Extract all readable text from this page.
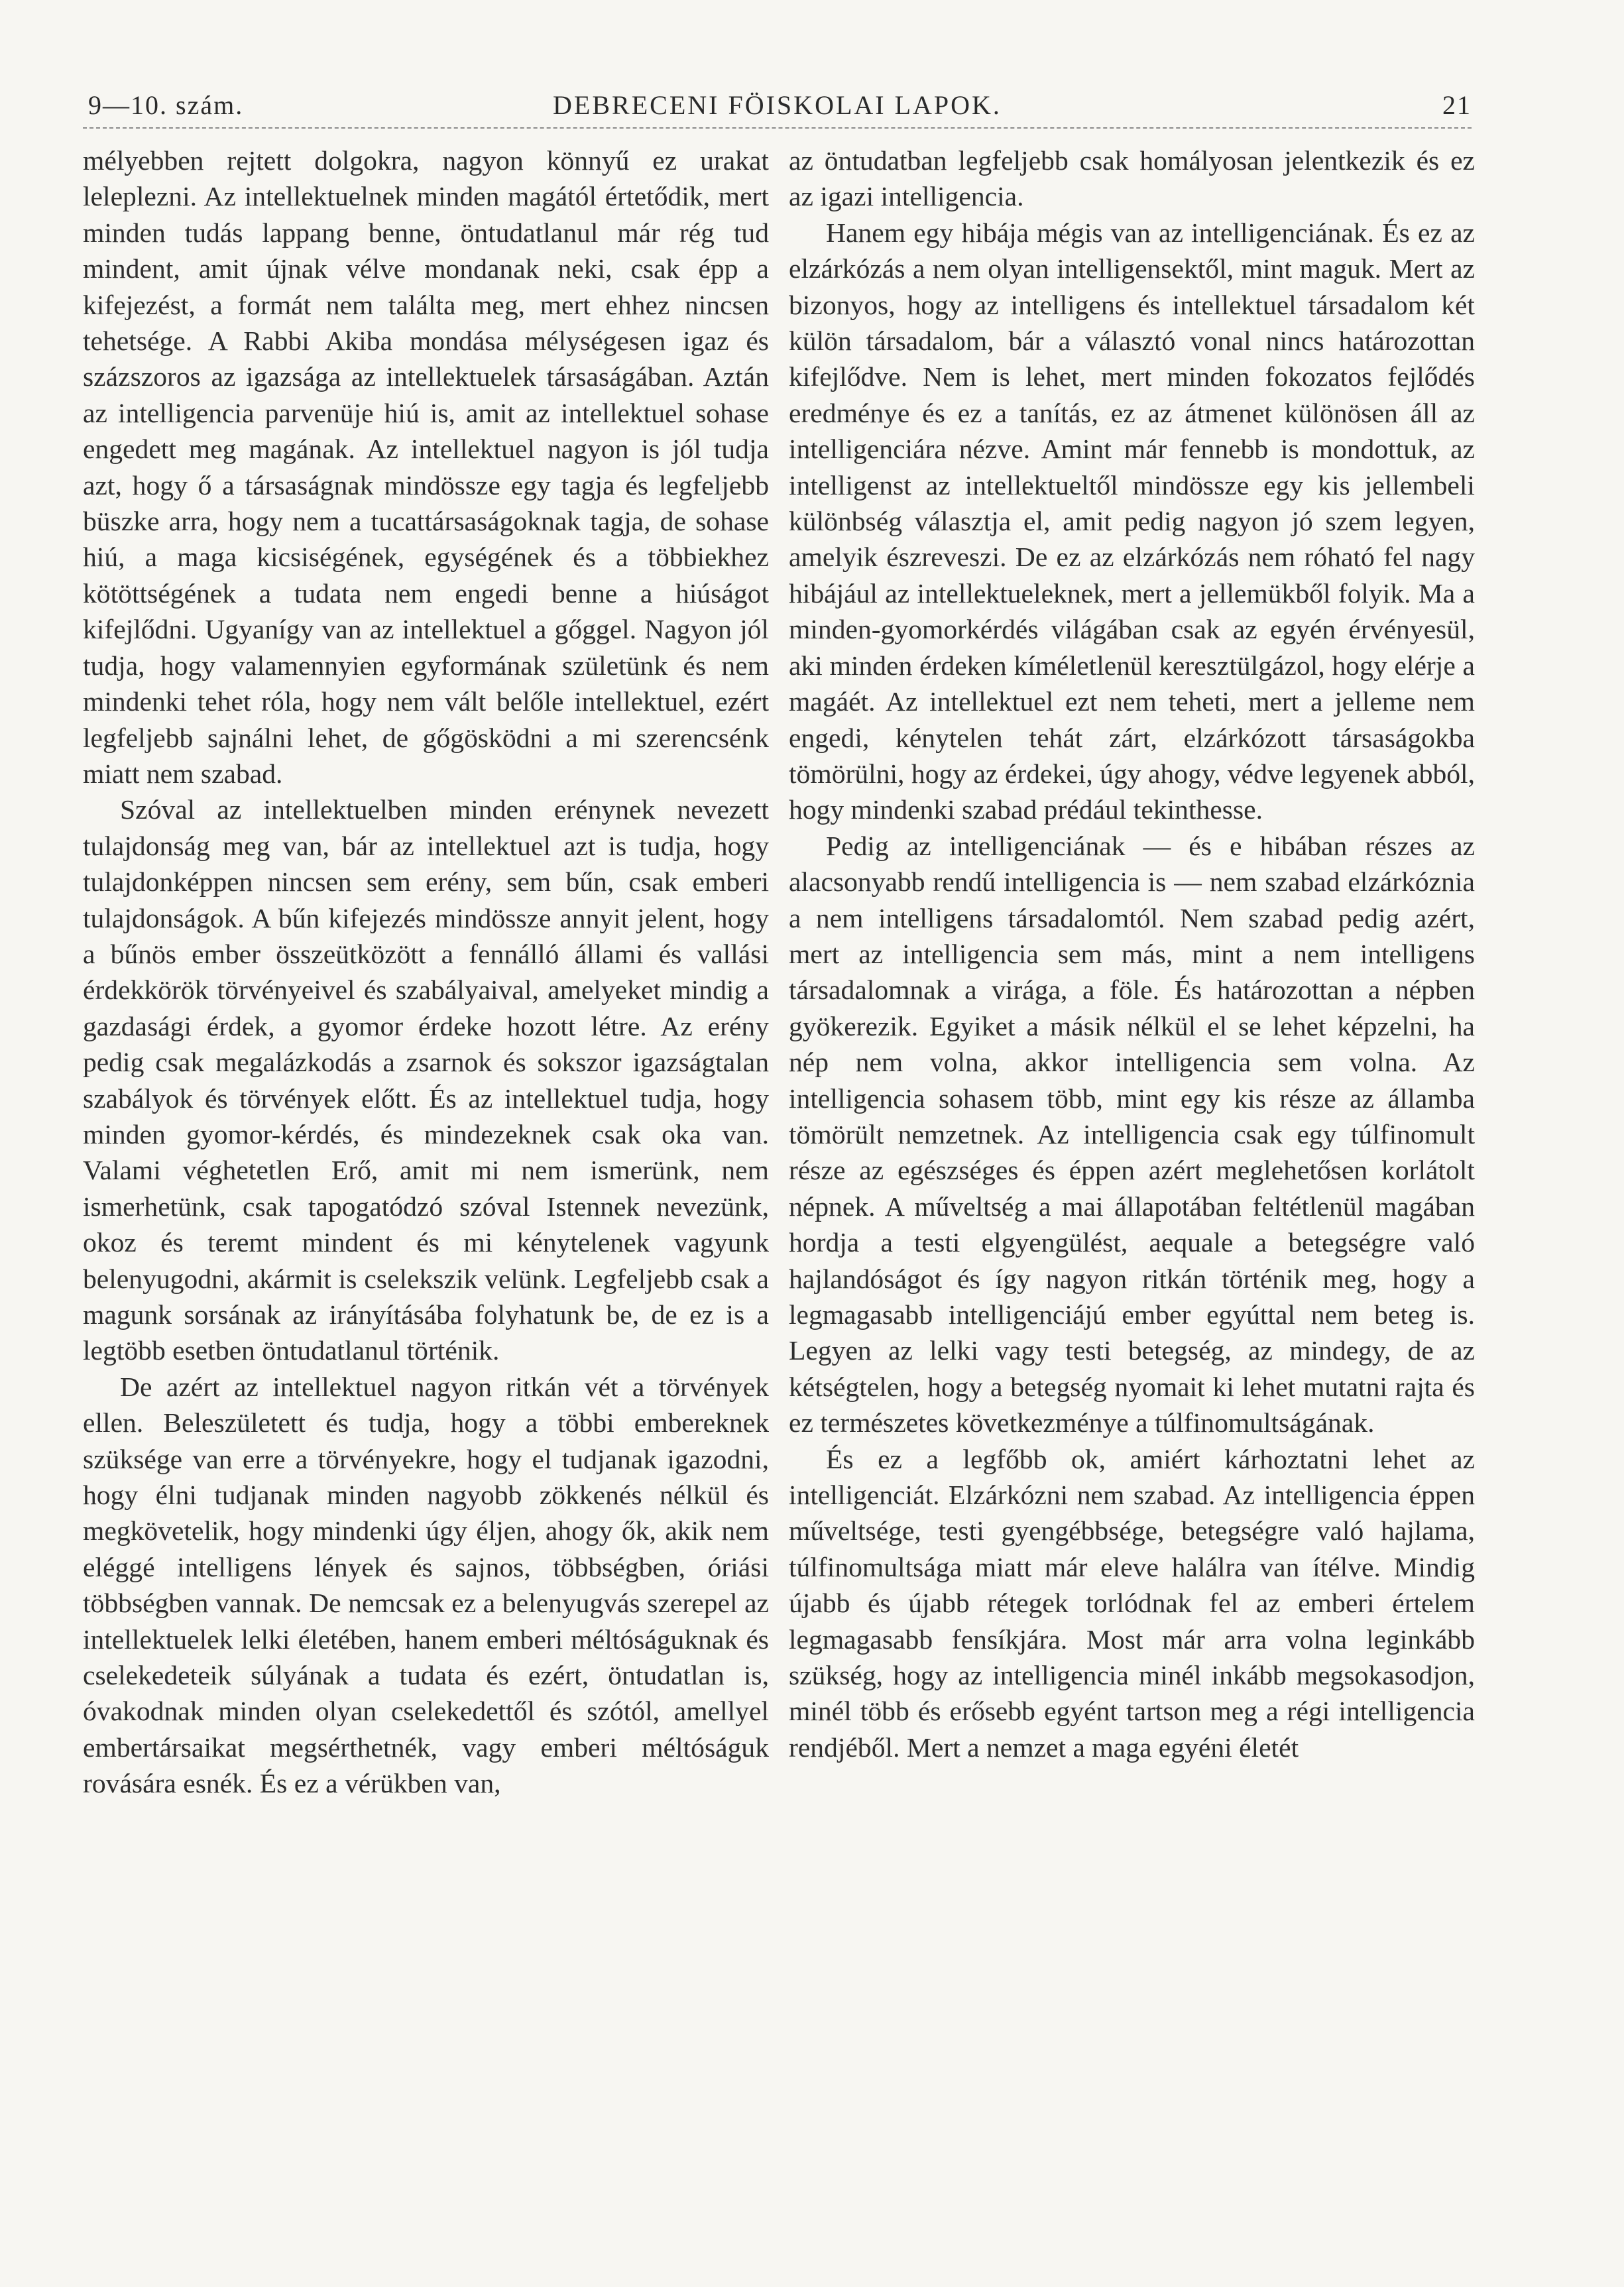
9—10. szám.	DEBRECENI FÖISKOLAI LAPOK.	21

mélyebben rejtett dolgokra, nagyon könnyű ez urakat leleplezni. Az intellektuelnek minden magától értetődik, mert minden tudás lappang benne, öntudatlanul már rég tud mindent, amit újnak vélve mondanak neki, csak épp a kifejezést, a formát nem találta meg, mert ehhez nincsen tehetsége. A Rabbi Akiba mondása mélységesen igaz és százszoros az igazsága az intellektuelek társaságában. Aztán az intelligencia parvenüje hiú is, amit az intellektuel sohase engedett meg magának. Az intellektuel nagyon is jól tudja azt, hogy ő a társaságnak mindössze egy tagja és legfeljebb büszke arra, hogy nem a tucattársaságoknak tagja, de sohase hiú, a maga kicsiségének, egységének és a többiekhez kötöttségének a tudata nem engedi benne a hiúságot kifejlődni. Ugyanígy van az intellektuel a gőggel. Nagyon jól tudja, hogy valamennyien egyformának születünk és nem mindenki tehet róla, hogy nem vált belőle intellektuel, ezért legfeljebb sajnálni lehet, de gőgösködni a mi szerencsénk miatt nem szabad.

Szóval az intellektuelben minden erénynek nevezett tulajdonság meg van, bár az intellektuel azt is tudja, hogy tulajdonképpen nincsen sem erény, sem bűn, csak emberi tulajdonságok. A bűn kifejezés mindössze annyit jelent, hogy a bűnös ember összeütközött a fennálló állami és vallási érdekkörök törvényeivel és szabályaival, amelyeket mindig a gazdasági érdek, a gyomor érdeke hozott létre. Az erény pedig csak megalázkodás a zsarnok és sokszor igazságtalan szabályok és törvények előtt. És az intellektuel tudja, hogy minden gyomor-kérdés, és mindezeknek csak oka van. Valami véghetetlen Erő, amit mi nem ismerünk, nem ismerhetünk, csak tapogatódzó szóval Istennek nevezünk, okoz és teremt mindent és mi kénytelenek vagyunk belenyugodni, akármit is cselekszik velünk. Legfeljebb csak a magunk sorsának az irányításába folyhatunk be, de ez is a legtöbb esetben öntudatlanul történik.

De azért az intellektuel nagyon ritkán vét a törvények ellen. Beleszületett és tudja, hogy a többi embereknek szüksége van erre a törvényekre, hogy el tudjanak igazodni, hogy élni tudjanak minden nagyobb zökkenés nélkül és megkövetelik, hogy mindenki úgy éljen, ahogy ők, akik nem eléggé intelligens lények és sajnos, többségben, óriási többségben vannak. De nemcsak ez a belenyugvás szerepel az intellektuelek lelki életében, hanem emberi méltóságuknak és cselekedeteik súlyának a tudata és ezért, öntudatlan is, óvakodnak minden olyan cselekedettől és szótól, amellyel embertársaikat megsérthetnék, vagy emberi méltóságuk rovására esnék. És ez a vérükben van,

az öntudatban legfeljebb csak homályosan jelentkezik és ez az igazi intelligencia.

Hanem egy hibája mégis van az intelligenciának. És ez az elzárkózás a nem olyan intelligensektől, mint maguk. Mert az bizonyos, hogy az intelligens és intellektuel társadalom két külön társadalom, bár a választó vonal nincs határozottan kifejlődve. Nem is lehet, mert minden fokozatos fejlődés eredménye és ez a tanítás, ez az átmenet különösen áll az intelligenciára nézve. Amint már fennebb is mondottuk, az intelligenst az intellektueltől mindössze egy kis jellembeli különbség választja el, amit pedig nagyon jó szem legyen, amelyik észreveszi. De ez az elzárkózás nem róható fel nagy hibájául az intellektueleknek, mert a jellemükből folyik. Ma a minden-gyomorkérdés világában csak az egyén érvényesül, aki minden érdeken kíméletlenül keresztülgázol, hogy elérje a magáét. Az intellektuel ezt nem teheti, mert a jelleme nem engedi, kénytelen tehát zárt, elzárkózott társaságokba tömörülni, hogy az érdekei, úgy ahogy, védve legyenek abból, hogy mindenki szabad prédául tekinthesse.

Pedig az intelligenciának — és e hibában részes az alacsonyabb rendű intelligencia is — nem szabad elzárkóznia a nem intelligens társadalomtól. Nem szabad pedig azért, mert az intelligencia sem más, mint a nem intelligens társadalomnak a virága, a föle. És határozottan a népben gyökerezik. Egyiket a másik nélkül el se lehet képzelni, ha nép nem volna, akkor intelligencia sem volna. Az intelligencia sohasem több, mint egy kis része az államba tömörült nemzetnek. Az intelligencia csak egy túlfinomult része az egészséges és éppen azért meglehetősen korlátolt népnek. A műveltség a mai állapotában feltétlenül magában hordja a testi elgyengülést, aequale a betegségre való hajlandóságot és így nagyon ritkán történik meg, hogy a legmagasabb intelligenciájú ember egyúttal nem beteg is. Legyen az lelki vagy testi betegség, az mindegy, de az kétségtelen, hogy a betegség nyomait ki lehet mutatni rajta és ez természetes következménye a túlfinomultságának.

És ez a legfőbb ok, amiért kárhoztatni lehet az intelligenciát. Elzárkózni nem szabad. Az intelligencia éppen műveltsége, testi gyengébbsége, betegségre való hajlama, túlfinomultsága miatt már eleve halálra van ítélve. Mindig újabb és újabb rétegek torlódnak fel az emberi értelem legmagasabb fensíkjára. Most már arra volna leginkább szükség, hogy az intelligencia minél inkább megsokasodjon, minél több és erősebb egyént tartson meg a régi intelligencia rendjéből. Mert a nemzet a maga egyéni életét
